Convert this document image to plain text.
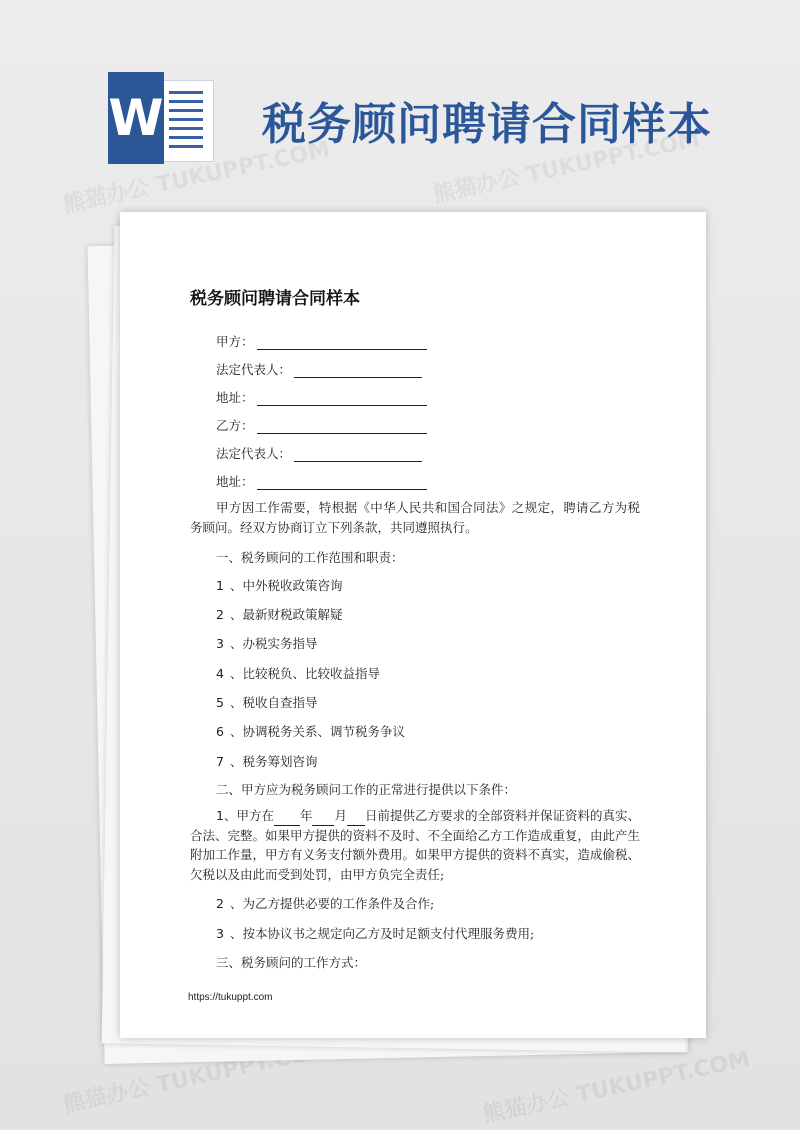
W 税务顾问聘请合同样本
熊猫办公 TUKUPPT.COM	熊猫办公 TUKUPPT.COM
熊猫办公 TUKUPPT.COM	熊猫办公 TUKUPPT.COM
税务顾问聘请合同样本
甲方：
法定代表人：
地址：
乙方：
法定代表人：
地址：
甲方因工作需要，特根据《中华人民共和国合同法》之规定，聘请乙方为税务顾问。经双方协商订立下列条款，共同遵照执行。
一、税务顾问的工作范围和职责：
1 、中外税收政策咨询
2 、最新财税政策解疑
3 、办税实务指导
4 、比较税负、比较收益指导
5 、税收自查指导
6 、协调税务关系、调节税务争议
7 、税务筹划咨询
二、甲方应为税务顾问工作的正常进行提供以下条件：
1、甲方在 年 月 日前提供乙方要求的全部资料并保证资料的真实、合法、完整。如果甲方提供的资料不及时、不全面给乙方工作造成重复，由此产生附加工作量，甲方有义务支付额外费用。如果甲方提供的资料不真实，造成偷税、欠税以及由此而受到处罚，由甲方负完全责任;
2 、为乙方提供必要的工作条件及合作;
3 、按本协议书之规定向乙方及时足额支付代理服务费用;
三、税务顾问的工作方式：
https://tukuppt.com
